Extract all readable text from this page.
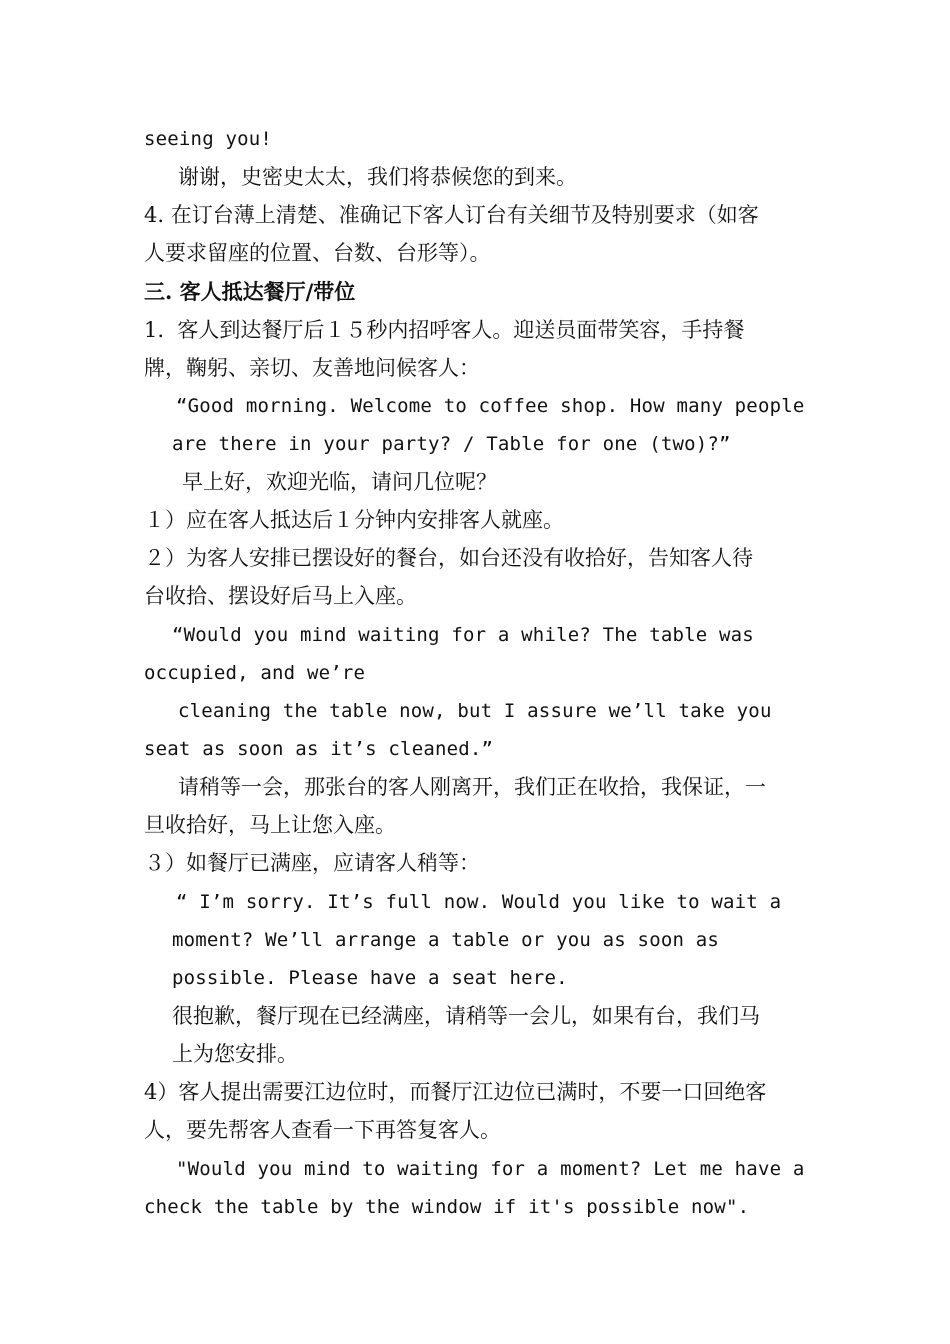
seeing you!
谢谢，史密史太太，我们将恭候您的到来。
4. 在订台薄上清楚、准确记下客人订台有关细节及特别要求（如客
人要求留座的位置、台数、台形等）。
三. 客人抵达餐厅/带位
1.  客人到达餐厅后１５秒内招呼客人。迎送员面带笑容，手持餐
牌，鞠躬、亲切、友善地问候客人：
“Good morning. Welcome to coffee shop. How many people
are there in your party? / Table for one (two)?”
早上好，欢迎光临，请问几位呢？
１）应在客人抵达后１分钟内安排客人就座。
２）为客人安排已摆设好的餐台，如台还没有收拾好，告知客人待
台收拾、摆设好后马上入座。
“Would you mind waiting for a while? The table was
occupied, and we’re
cleaning the table now, but I assure we’ll take you
seat as soon as it’s cleaned.”
请稍等一会，那张台的客人刚离开，我们正在收拾，我保证，一
旦收拾好，马上让您入座。
３）如餐厅已满座，应请客人稍等：
“ I’m sorry. It’s full now. Would you like to wait a
moment? We’ll arrange a table or you as soon as
possible. Please have a seat here.
很抱歉，餐厅现在已经满座，请稍等一会儿，如果有台，我们马
上为您安排。
4）客人提出需要江边位时，而餐厅江边位已满时，不要一口回绝客
人，要先帮客人查看一下再答复客人。
"Would you mind to waiting for a moment? Let me have a
check the table by the window if it's possible now".
